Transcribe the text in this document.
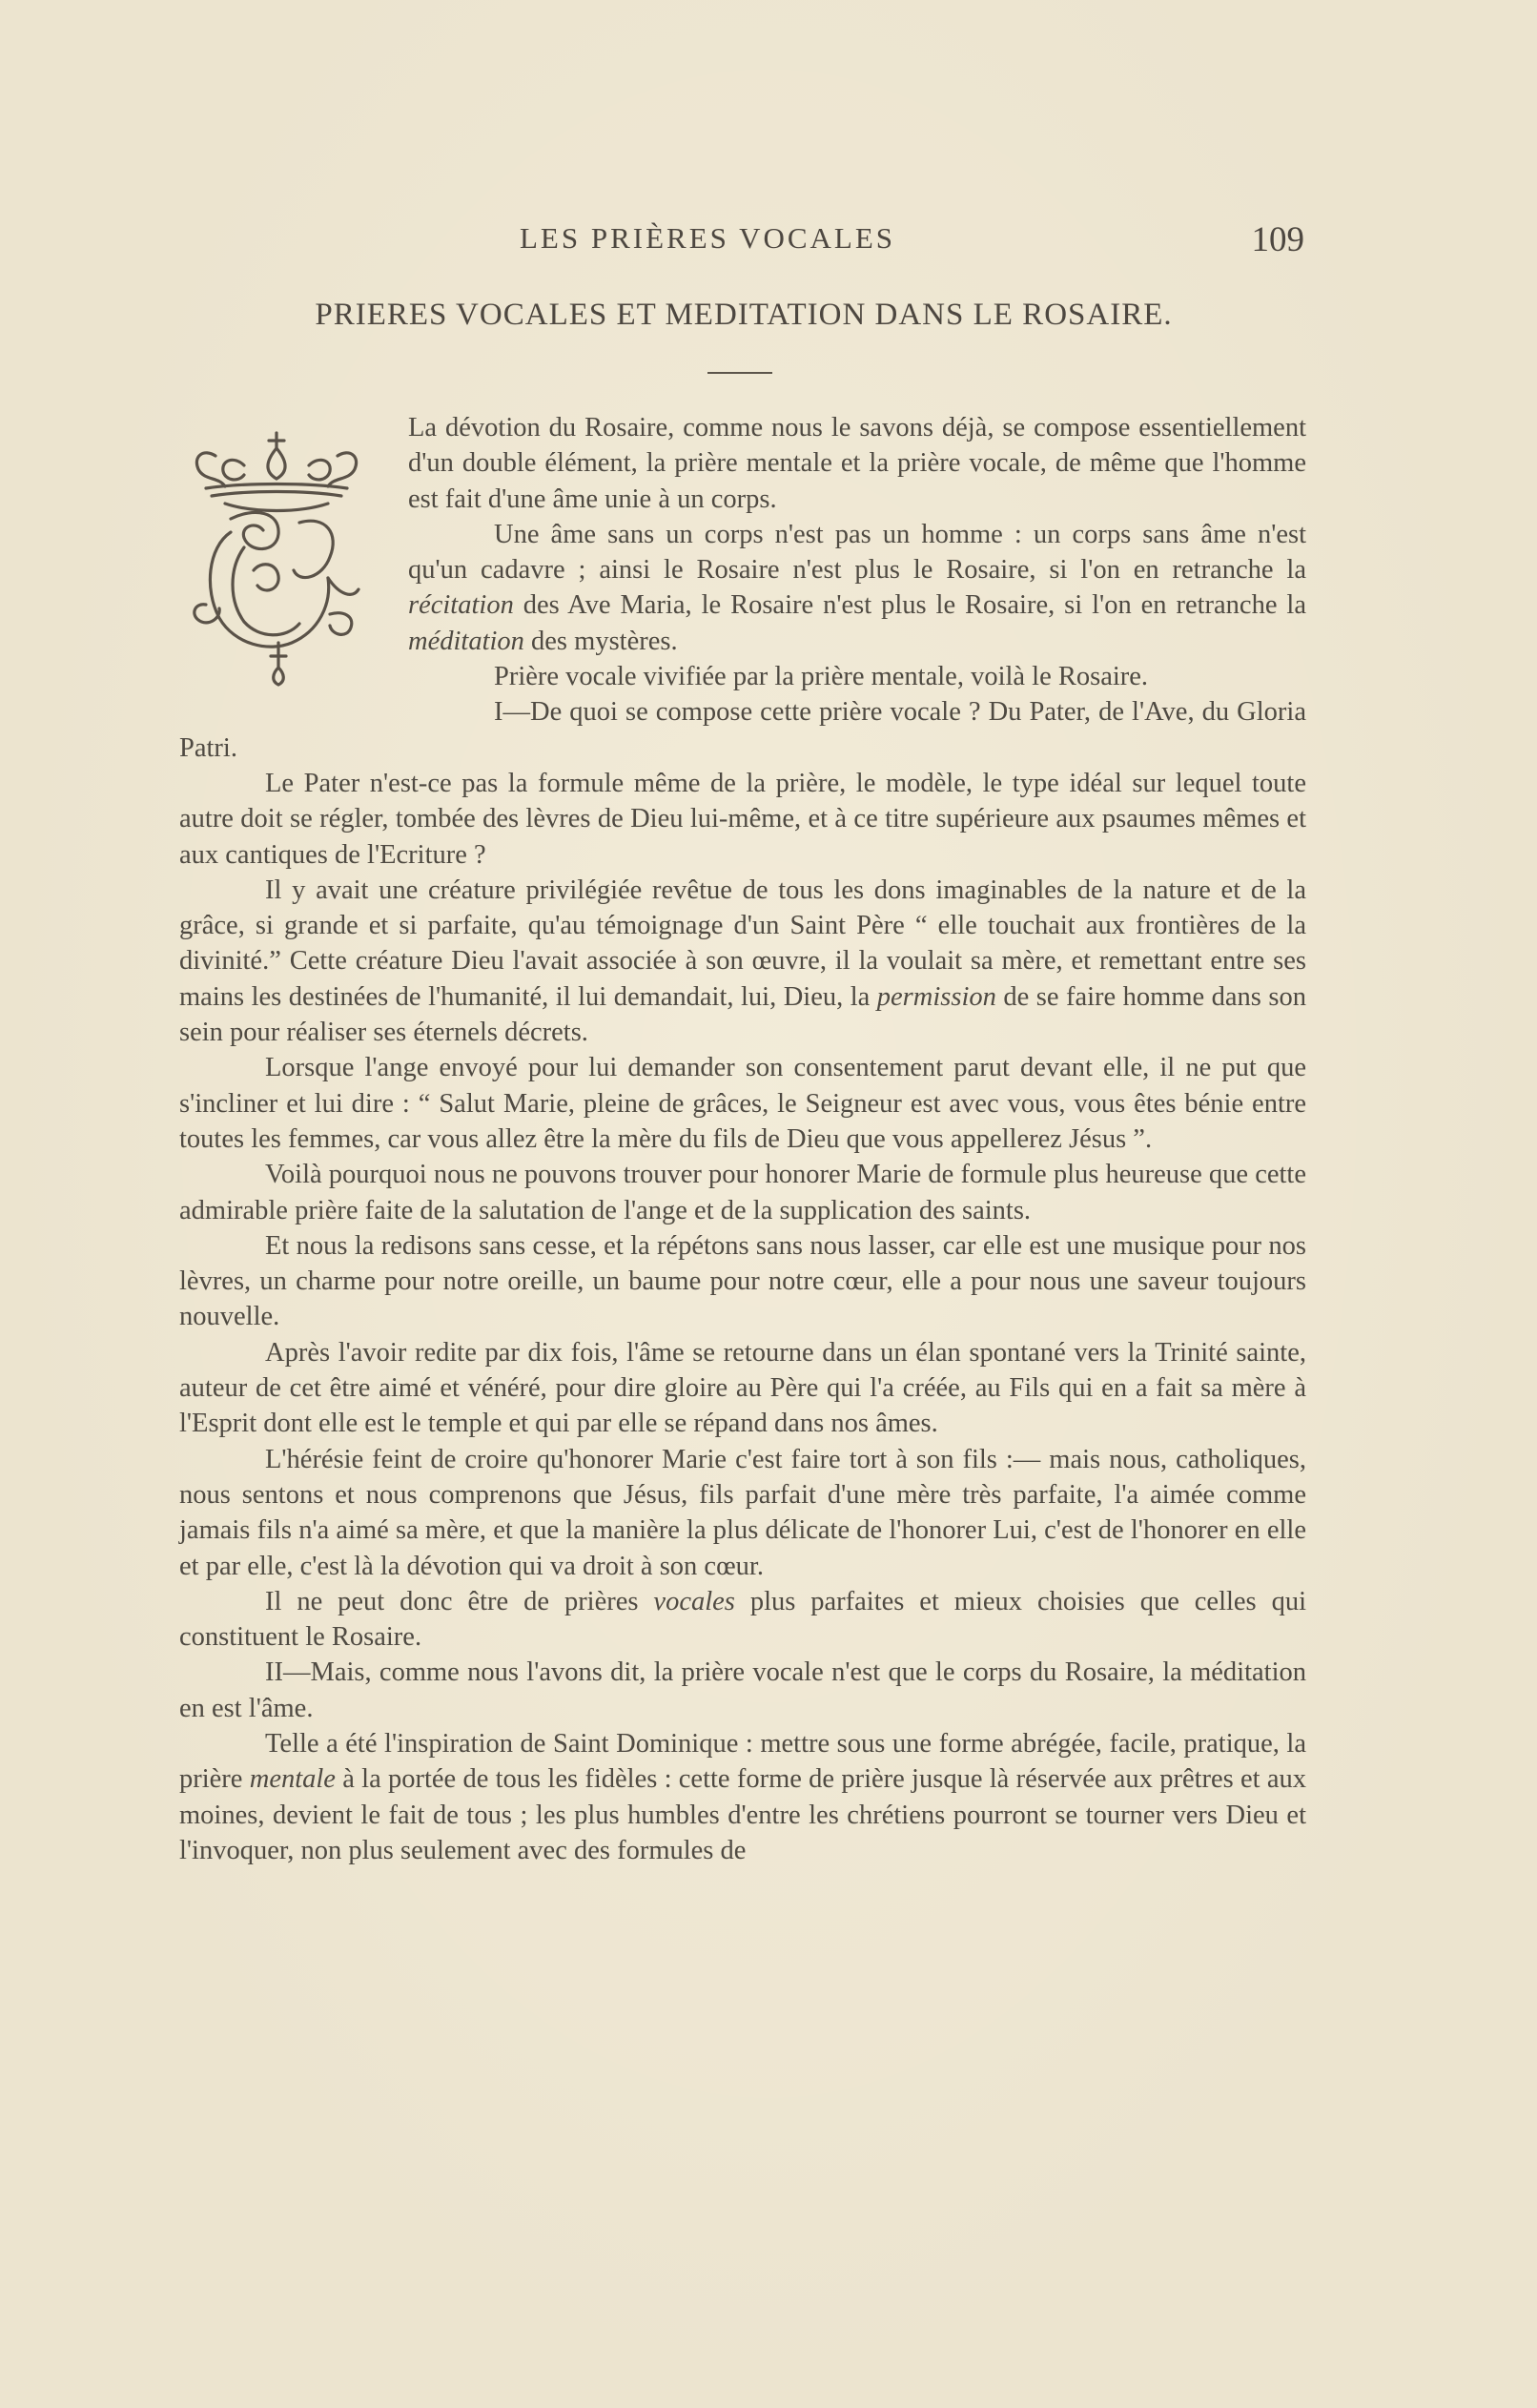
LES PRIÈRES VOCALES	109
PRIERES VOCALES ET MEDITATION DANS LE ROSAIRE.

La dévotion du Rosaire, comme nous le savons déjà, se compose essentiellement d'un double élément, la prière mentale et la prière vocale, de même que l'homme est fait d'une âme unie à un corps.

Une âme sans un corps n'est pas un homme : un corps sans âme n'est qu'un cadavre ; ainsi le Rosaire n'est plus le Rosaire, si l'on en retranche la récitation des Ave Maria, le Rosaire n'est plus le Rosaire, si l'on en retranche la méditation des mystères.

Prière vocale vivifiée par la prière mentale, voilà le Rosaire.

I—De quoi se compose cette prière vocale ? Du Pater, de l'Ave, du Gloria Patri.

Le Pater n'est-ce pas la formule même de la prière, le modèle, le type idéal sur lequel toute autre doit se régler, tombée des lèvres de Dieu lui-même, et à ce titre supérieure aux psaumes mêmes et aux cantiques de l'Ecriture ?

Il y avait une créature privilégiée revêtue de tous les dons imaginables de la nature et de la grâce, si grande et si parfaite, qu'au témoignage d'un Saint Père “ elle touchait aux frontières de la divinité.” Cette créature Dieu l'avait associée à son œuvre, il la voulait sa mère, et remettant entre ses mains les destinées de l'humanité, il lui demandait, lui, Dieu, la permission de se faire homme dans son sein pour réaliser ses éternels décrets.

Lorsque l'ange envoyé pour lui demander son consentement parut devant elle, il ne put que s'incliner et lui dire : “ Salut Marie, pleine de grâces, le Seigneur est avec vous, vous êtes bénie entre toutes les femmes, car vous allez être la mère du fils de Dieu que vous appellerez Jésus ”.

Voilà pourquoi nous ne pouvons trouver pour honorer Marie de formule plus heureuse que cette admirable prière faite de la salutation de l'ange et de la supplication des saints.

Et nous la redisons sans cesse, et la répétons sans nous lasser, car elle est une musique pour nos lèvres, un charme pour notre oreille, un baume pour notre cœur, elle a pour nous une saveur toujours nouvelle.

Après l'avoir redite par dix fois, l'âme se retourne dans un élan spontané vers la Trinité sainte, auteur de cet être aimé et vénéré, pour dire gloire au Père qui l'a créée, au Fils qui en a fait sa mère à l'Esprit dont elle est le temple et qui par elle se répand dans nos âmes.

L'hérésie feint de croire qu'honorer Marie c'est faire tort à son fils :— mais nous, catholiques, nous sentons et nous comprenons que Jésus, fils parfait d'une mère très parfaite, l'a aimée comme jamais fils n'a aimé sa mère, et que la manière la plus délicate de l'honorer Lui, c'est de l'honorer en elle et par elle, c'est là la dévotion qui va droit à son cœur.

Il ne peut donc être de prières vocales plus parfaites et mieux choisies que celles qui constituent le Rosaire.

II—Mais, comme nous l'avons dit, la prière vocale n'est que le corps du Rosaire, la méditation en est l'âme.

Telle a été l'inspiration de Saint Dominique : mettre sous une forme abrégée, facile, pratique, la prière mentale à la portée de tous les fidèles : cette forme de prière jusque là réservée aux prêtres et aux moines, devient le fait de tous ; les plus humbles d'entre les chrétiens pourront se tourner vers Dieu et l'invoquer, non plus seulement avec des formules de
